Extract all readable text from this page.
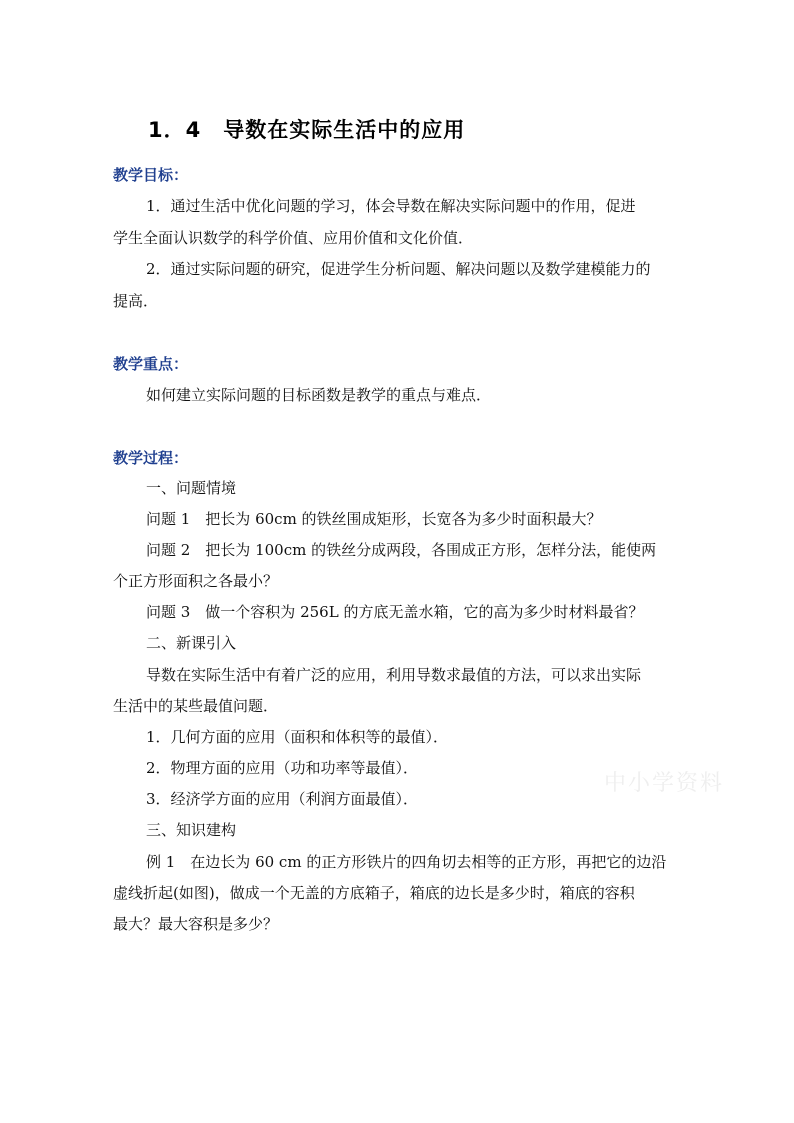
1．4 导数在实际生活中的应用
教学目标：
1．通过生活中优化问题的学习，体会导数在解决实际问题中的作用，促进
学生全面认识数学的科学价值、应用价值和文化价值．
2．通过实际问题的研究，促进学生分析问题、解决问题以及数学建模能力的
提高．
教学重点：
如何建立实际问题的目标函数是教学的重点与难点．
教学过程：
一、问题情境
问题 1　把长为 60cm 的铁丝围成矩形，长宽各为多少时面积最大？
问题 2　把长为 100cm 的铁丝分成两段，各围成正方形，怎样分法，能使两
个正方形面积之各最小？
问题 3　做一个容积为 256L 的方底无盖水箱，它的高为多少时材料最省？
二、新课引入
导数在实际生活中有着广泛的应用，利用导数求最值的方法，可以求出实际
生活中的某些最值问题．
1．几何方面的应用（面积和体积等的最值）．
2．物理方面的应用（功和功率等最值）．
3．经济学方面的应用（利润方面最值）．
三、知识建构
例 1　在边长为 60 cm 的正方形铁片的四角切去相等的正方形，再把它的边沿
虚线折起(如图)，做成一个无盖的方底箱子，箱底的边长是多少时，箱底的容积
最大？最大容积是多少？
中小学资料
